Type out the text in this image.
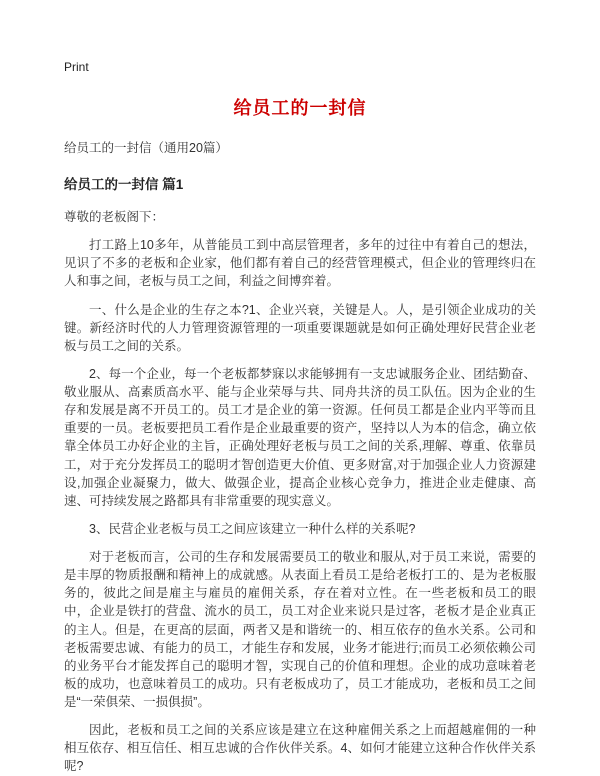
Print
给员工的一封信

给员工的一封信（通用20篇）

给员工的一封信 篇1

尊敬的老板阁下：

打工路上10多年，从普能员工到中高层管理者，多年的过往中有着自己的想法，见识了不多的老板和企业家，他们都有着自己的经营管理模式，但企业的管理终归在人和事之间，老板与员工之间，利益之间博弈着。

一、什么是企业的生存之本?1、企业兴衰，关键是人。人，是引领企业成功的关键。新经济时代的人力管理资源管理的一项重要课题就是如何正确处理好民营企业老板与员工之间的关系。

2、每一个企业，每一个老板都梦寐以求能够拥有一支忠诚服务企业、团结勤奋、敬业服从、高素质高水平、能与企业荣辱与共、同舟共济的员工队伍。因为企业的生存和发展是离不开员工的。员工才是企业的第一资源。任何员工都是企业内平等而且重要的一员。老板要把员工看作是企业最重要的资产，坚持以人为本的信念，确立依靠全体员工办好企业的主旨，正确处理好老板与员工之间的关系,理解、尊重、依靠员工，对于充分发挥员工的聪明才智创造更大价值、更多财富,对于加强企业人力资源建设,加强企业凝聚力，做大、做强企业，提高企业核心竞争力，推进企业走健康、高速、可持续发展之路都具有非常重要的现实意义。

3、民营企业老板与员工之间应该建立一种什么样的关系呢?

对于老板而言，公司的生存和发展需要员工的敬业和服从,对于员工来说，需要的是丰厚的物质报酬和精神上的成就感。从表面上看员工是给老板打工的、是为老板服务的，彼此之间是雇主与雇员的雇佣关系，存在着对立性。在一些老板和员工的眼中，企业是铁打的营盘、流水的员工，员工对企业来说只是过客，老板才是企业真正的主人。但是，在更高的层面，两者又是和谐统一的、相互依存的鱼水关系。公司和老板需要忠诚、有能力的员工，才能生存和发展，业务才能进行;而员工必须依赖公司的业务平台才能发挥自己的聪明才智，实现自己的价值和理想。企业的成功意味着老板的成功，也意味着员工的成功。只有老板成功了，员工才能成功，老板和员工之间是“一荣俱荣、一损俱损”。

因此，老板和员工之间的关系应该是建立在这种雇佣关系之上而超越雇佣的一种相互依存、相互信任、相互忠诚的合作伙伴关系。4、如何才能建立这种合作伙伴关系呢?
